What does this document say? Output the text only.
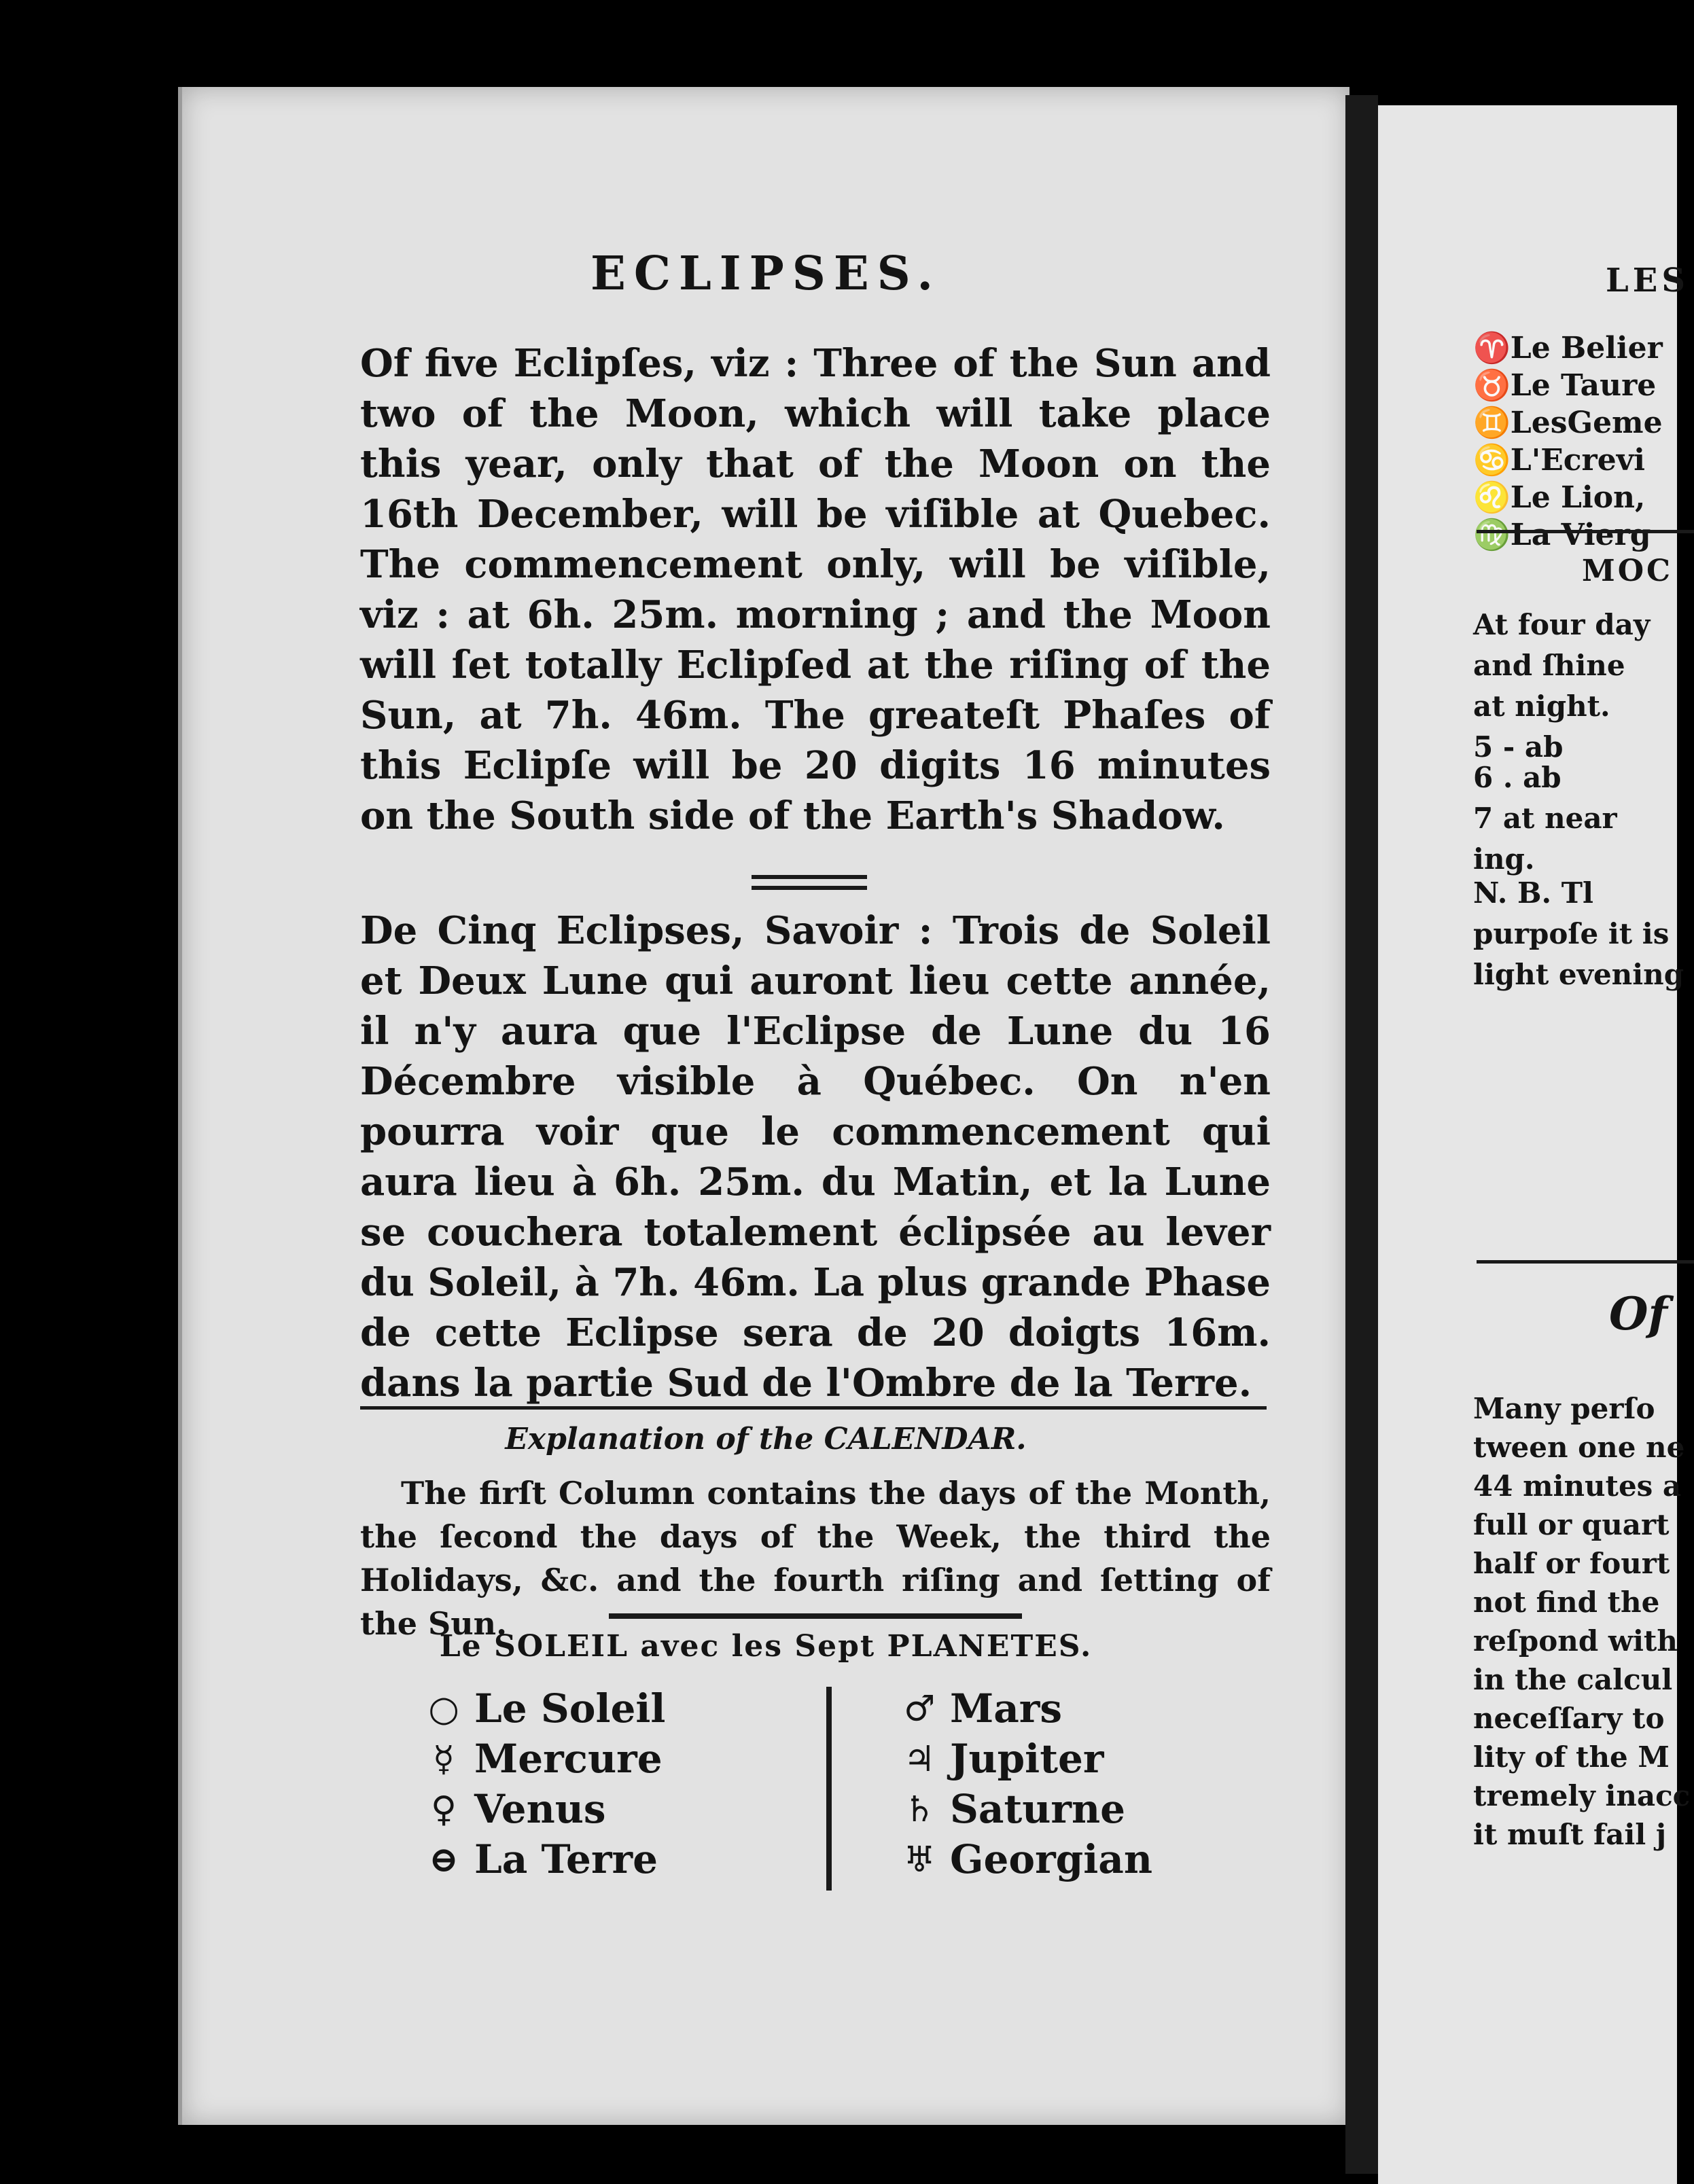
ECLIPSES.
Of five Eclipſes, viz : Three of the Sun and two of the Moon, which will take place this year, only that of the Moon on the 16th December, will be viſible at Quebec. The commencement only, will be viſible, viz : at 6h. 25m. morning ; and the Moon will ſet totally Eclipſed at the riſing of the Sun, at 7h. 46m. The greateſt Phaſes of this Eclipſe will be 20 digits 16 minutes on the South side of the Earth's Shadow.
De Cinq Eclipses, Savoir : Trois de Soleil et Deux Lune qui auront lieu cette année, il n'y aura que l'Eclipse de Lune du 16 Décembre visible à Québec. On n'en pourra voir que le commencement qui aura lieu à 6h. 25m. du Matin, et la Lune se couchera totalement éclipsée au lever du Soleil, à 7h. 46m. La plus grande Phase de cette Eclipse sera de 20 doigts 16m. dans la partie Sud de l'Ombre de la Terre.
Explanation of the CALENDAR.
The firſt Column contains the days of the Month, the ſecond the days of the Week, the third the Holidays, &c. and the fourth riſing and ſetting of the Sun.
Le SOLEIL avec les Sept PLANETES.
○ Le Soleil
☿ Mercure
♀ Venus
⊖ La Terre
♂ Mars
♃ Jupiter
♄ Saturne
♅ Georgian
LES
♈Le Belier
♉Le Taure
♊LesGeme
♋L'Ecrevi
♌Le Lion,
♍La Vierg
MOC
At four day
and ſhine
at night.
5 - ab
6 . ab
7 at near
ing.
N. B. Tl
purpoſe it is
light evening
Of
Many perſo
tween one ne
44 minutes a
full or quart
half or fourt
not find the
reſpond with
in the calcul
neceſſary to
lity of the M
tremely inacc
it muſt fail j
